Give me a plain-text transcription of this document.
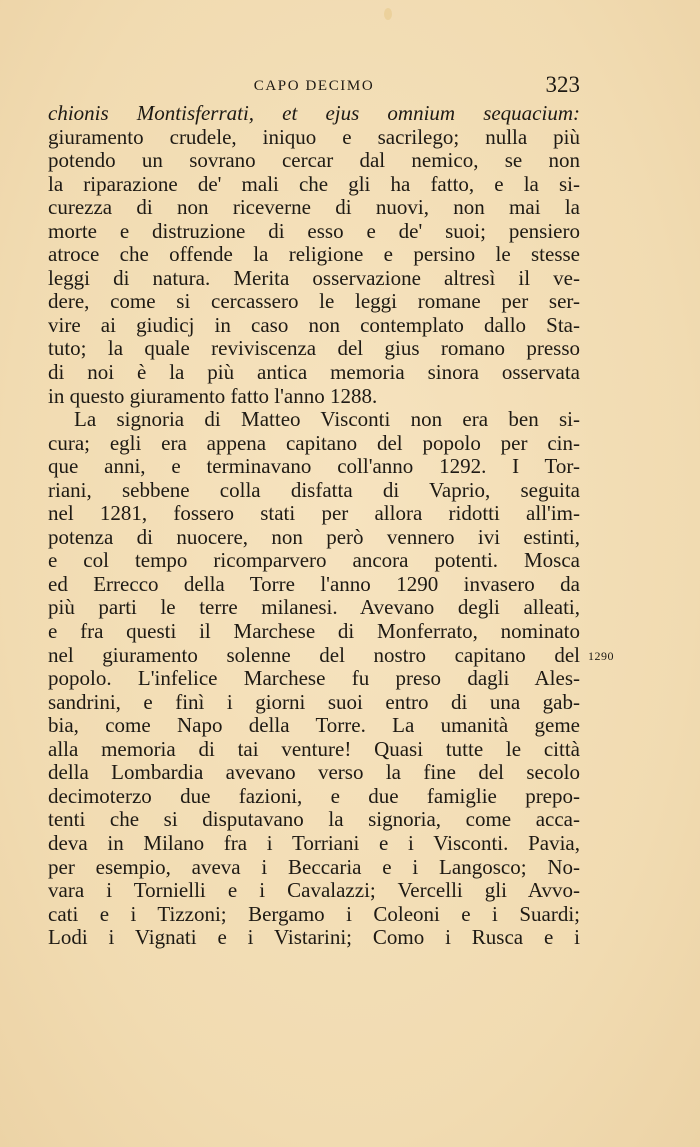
CAPO DECIMO	323
chionis Montisferrati, et ejus omnium sequacium:
giuramento crudele, iniquo e sacrilego; nulla più
potendo un sovrano cercar dal nemico, se non
la riparazione de' mali che gli ha fatto, e la si-
curezza di non riceverne di nuovi, non mai la
morte e distruzione di esso e de' suoi; pensiero
atroce che offende la religione e persino le stesse
leggi di natura. Merita osservazione altresì il ve-
dere, come si cercassero le leggi romane per ser-
vire ai giudicj in caso non contemplato dallo Sta-
tuto; la quale reviviscenza del gius romano presso
di noi è la più antica memoria sinora osservata
in questo giuramento fatto l'anno 1288.
La signoria di Matteo Visconti non era ben si-
cura; egli era appena capitano del popolo per cin-
que anni, e terminavano coll'anno 1292. I Tor-
riani, sebbene colla disfatta di Vaprio, seguita
nel 1281, fossero stati per allora ridotti all'im-
potenza di nuocere, non però vennero ivi estinti,
e col tempo ricomparvero ancora potenti. Mosca
ed Errecco della Torre l'anno 1290 invasero da
più parti le terre milanesi. Avevano degli alleati,
e fra questi il Marchese di Monferrato, nominato
nel giuramento solenne del nostro capitano del
popolo. L'infelice Marchese fu preso dagli Ales-
sandrini, e finì i giorni suoi entro di una gab-
bia, come Napo della Torre. La umanità geme
alla memoria di tai venture! Quasi tutte le città
della Lombardia avevano verso la fine del secolo
decimoterzo due fazioni, e due famiglie prepo-
tenti che si disputavano la signoria, come acca-
deva in Milano fra i Torriani e i Visconti. Pavia,
per esempio, aveva i Beccaria e i Langosco; No-
vara i Tornielli e i Cavalazzi; Vercelli gli Avvo-
cati e i Tizzoni; Bergamo i Coleoni e i Suardi;
Lodi i Vignati e i Vistarini; Como i Rusca e i
1290
